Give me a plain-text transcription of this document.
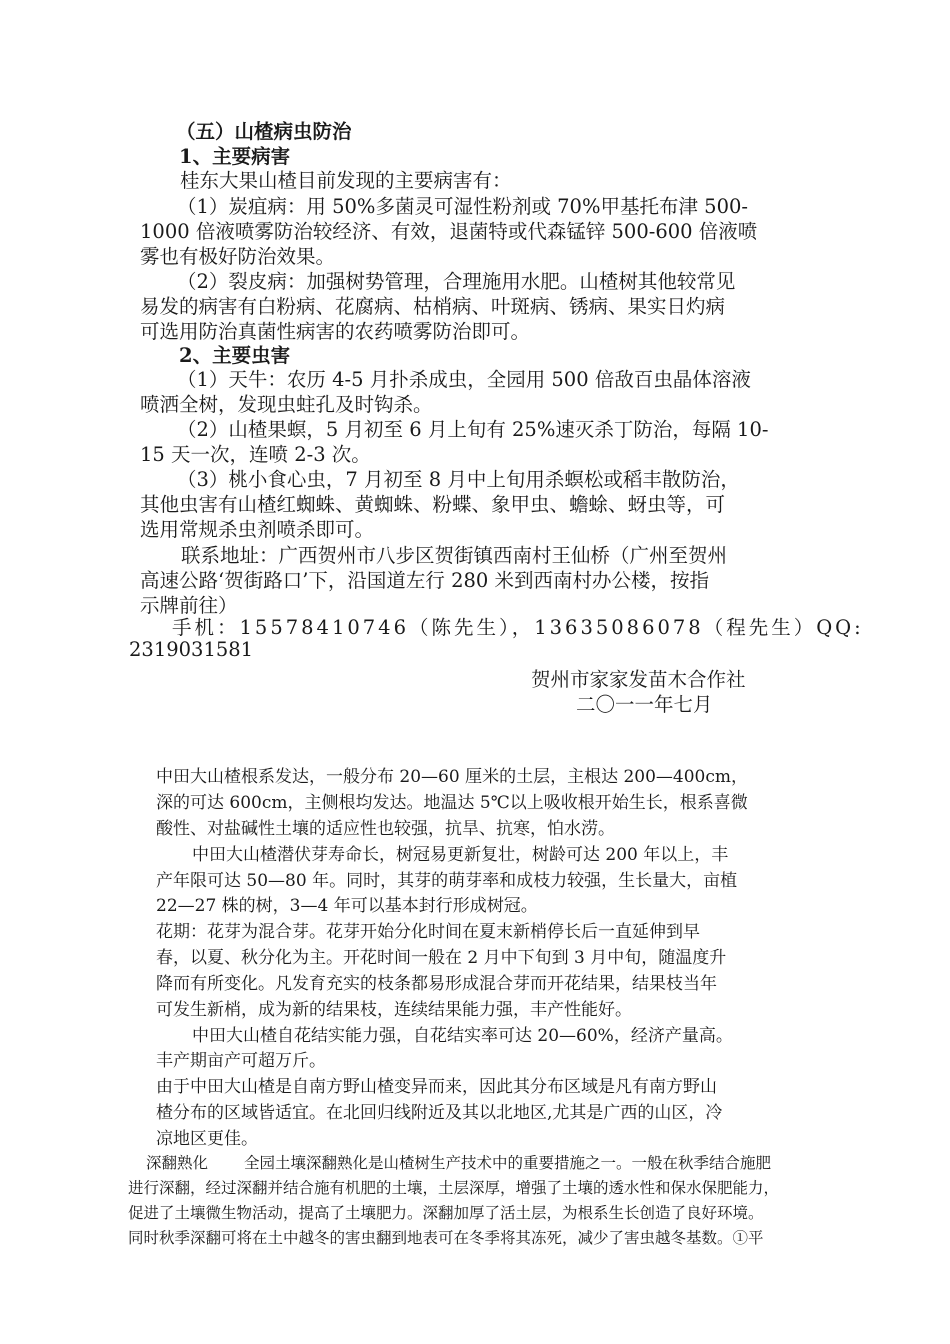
（五）山楂病虫防治
1、主要病害
桂东大果山楂目前发现的主要病害有：
（1）炭疽病：用 50%多菌灵可湿性粉剂或 70%甲基托布津 500-
1000 倍液喷雾防治较经济、有效，退菌特或代森锰锌 500-600 倍液喷
雾也有极好防治效果。
（2）裂皮病：加强树势管理，合理施用水肥。山楂树其他较常见
易发的病害有白粉病、花腐病、枯梢病、叶斑病、锈病、果实日灼病
可选用防治真菌性病害的农药喷雾防治即可。
2、主要虫害
（1）天牛：农历 4-5 月扑杀成虫，全园用 500 倍敌百虫晶体溶液
喷洒全树，发现虫蛀孔及时钩杀。
（2）山楂果螟，5 月初至 6 月上旬有 25%速灭杀丁防治，每隔 10-
15 天一次，连喷 2-3 次。
（3）桃小食心虫，7 月初至 8 月中上旬用杀螟松或稻丰散防治，
其他虫害有山楂红蜘蛛、黄蜘蛛、粉蝶、象甲虫、蟾蜍、蚜虫等，可
选用常规杀虫剂喷杀即可。
联系地址：广西贺州市八步区贺街镇西南村王仙桥（广州至贺州
高速公路‘贺街路口’下，沿国道左行 280 米到西南村办公楼，按指
示牌前往）
手机：15578410746（陈先生），13635086078（程先生）QQ:
2319031581
贺州市家家发苗木合作社
二〇一一年七月
中田大山楂根系发达，一般分布 20—60 厘米的土层，主根达 200—400cm，
深的可达 600cm，主侧根均发达。地温达 5℃以上吸收根开始生长，根系喜微
酸性、对盐碱性土壤的适应性也较强，抗旱、抗寒，怕水涝。
中田大山楂潜伏芽寿命长，树冠易更新复壮，树龄可达 200 年以上，丰
产年限可达 50—80 年。同时，其芽的萌芽率和成枝力较强，生长量大，亩植
22—27 株的树，3—4 年可以基本封行形成树冠。
花期：花芽为混合芽。花芽开始分化时间在夏末新梢停长后一直延伸到早
春，以夏、秋分化为主。开花时间一般在 2 月中下旬到 3 月中旬，随温度升
降而有所变化。凡发育充实的枝条都易形成混合芽而开花结果，结果枝当年
可发生新梢，成为新的结果枝，连续结果能力强，丰产性能好。
中田大山楂自花结实能力强，自花结实率可达 20—60%，经济产量高。
丰产期亩产可超万斤。
由于中田大山楂是自南方野山楂变异而来，因此其分布区域是凡有南方野山
楂分布的区域皆适宜。在北回归线附近及其以北地区,尤其是广西的山区，冷
凉地区更佳。
深翻熟化 全园土壤深翻熟化是山楂树生产技术中的重要措施之一。一般在秋季结合施肥
进行深翻，经过深翻并结合施有机肥的土壤，土层深厚，增强了土壤的透水性和保水保肥能力，
促进了土壤微生物活动，提高了土壤肥力。深翻加厚了活土层，为根系生长创造了良好环境。
同时秋季深翻可将在土中越冬的害虫翻到地表可在冬季将其冻死，减少了害虫越冬基数。①平
